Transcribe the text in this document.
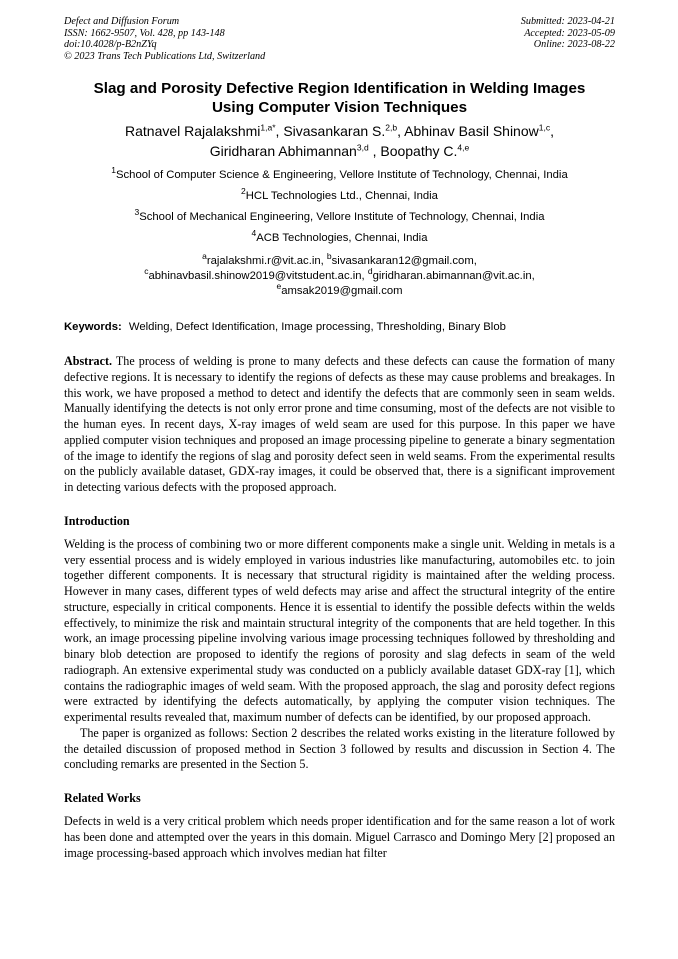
Defect and Diffusion Forum
ISSN: 1662-9507, Vol. 428, pp 143-148
doi:10.4028/p-B2nZYq
© 2023 Trans Tech Publications Ltd, Switzerland
Submitted: 2023-04-21
Accepted: 2023-05-09
Online: 2023-08-22
Slag and Porosity Defective Region Identification in Welding Images
Using Computer Vision Techniques
Ratnavel Rajalakshmi$^{1,a*}$, Sivasankaran S.$^{2,b}$, Abhinav Basil Shinow$^{1,c}$,
Giridharan Abhimannan$^{3,d}$ , Boopathy C.$^{4,e}$
$^1$School of Computer Science & Engineering, Vellore Institute of Technology, Chennai, India
$^2$HCL Technologies Ltd., Chennai, India
$^3$School of Mechanical Engineering, Vellore Institute of Technology, Chennai, India
$^4$ACB Technologies, Chennai, India
$^a$rajalakshmi.r@vit.ac.in, $^b$sivasankaran12@gmail.com,
$^c$abhinavbasil.shinow2019@vitstudent.ac.in, $^d$giridharan.abimannan@vit.ac.in,
$^e$amsak2019@gmail.com
Keywords: Welding, Defect Identification, Image processing, Thresholding, Binary Blob

Abstract. The process of welding is prone to many defects and these defects can cause the formation of many defective regions. It is necessary to identify the regions of defects as these may cause problems and breakages. In this work, we have proposed a method to detect and identify the defects that are commonly seen in seam welds. Manually identifying the detects is not only error prone and time consuming, most of the defects are not visible to the human eyes. In recent days, X-ray images of weld seam are used for this purpose. In this paper we have applied computer vision techniques and proposed an image processing pipeline to generate a binary segmentation of the image to identify the regions of slag and porosity defect seen in weld seams. From the experimental results on the publicly available dataset, GDX-ray images, it could be observed that, there is a significant improvement in detecting various defects with the proposed approach.

Introduction

Welding is the process of combining two or more different components make a single unit. Welding in metals is a very essential process and is widely employed in various industries like manufacturing, automobiles etc. to join together different components. It is necessary that structural rigidity is maintained after the welding process. However in many cases, different types of weld defects may arise and affect the structural integrity of the entire structure, especially in critical components. Hence it is essential to identify the possible defects within the welds effectively, to minimize the risk and maintain structural integrity of the components that are held together. In this work, an image processing pipeline involving various image processing techniques followed by thresholding and binary blob detection are proposed to identify the regions of porosity and slag defects in seam of the weld radiograph. An extensive experimental study was conducted on a publicly available dataset GDX-ray [1], which contains the radiographic images of weld seam. With the proposed approach, the slag and porosity defect regions were extracted by identifying the defects automatically, by applying the computer vision techniques. The experimental results revealed that, maximum number of defects can be identified, by our proposed approach.

The paper is organized as follows: Section 2 describes the related works existing in the literature followed by the detailed discussion of proposed method in Section 3 followed by results and discussion in Section 4. The concluding remarks are presented in the Section 5.

Related Works

Defects in weld is a very critical problem which needs proper identification and for the same reason a lot of work has been done and attempted over the years in this domain. Miguel Carrasco and Domingo Mery [2] proposed an image processing-based approach which involves median hat filter
